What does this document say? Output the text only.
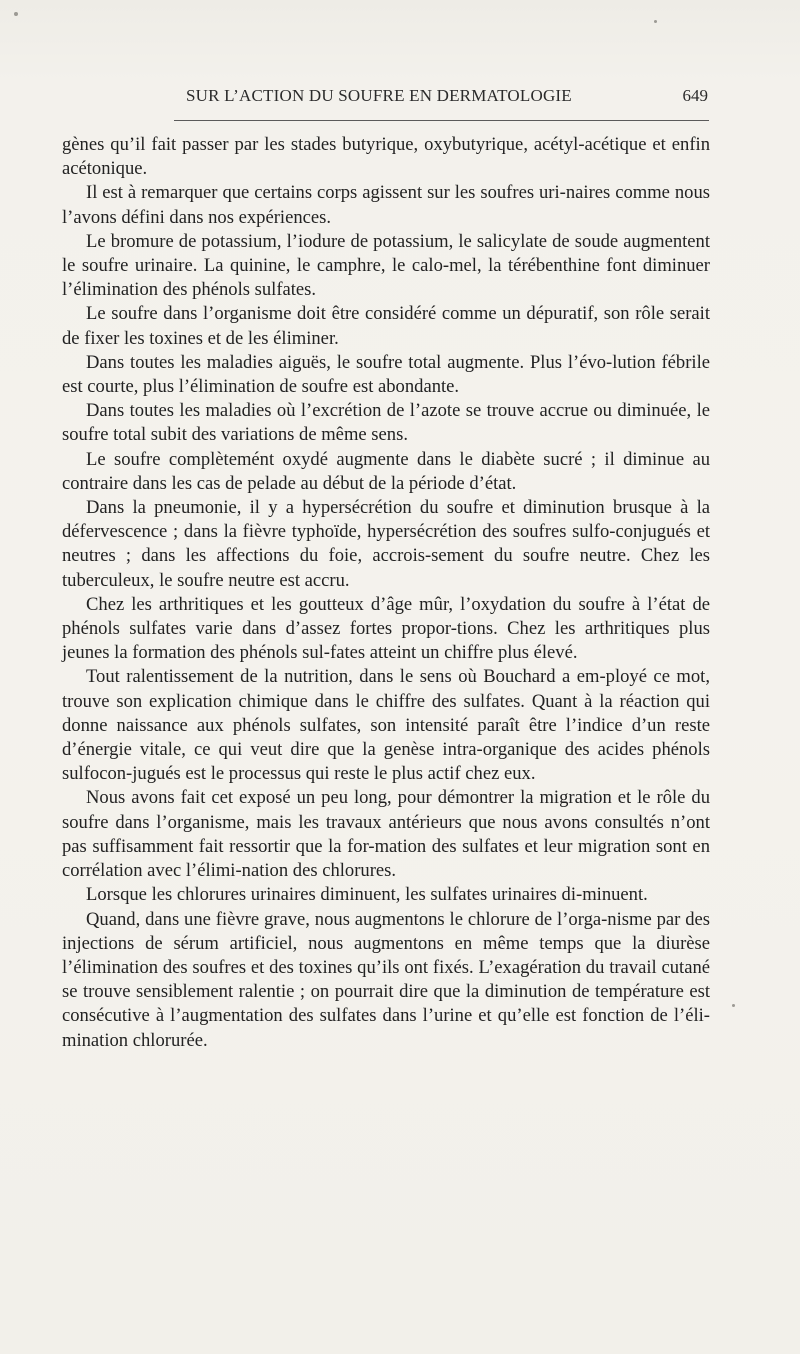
SUR L’ACTION DU SOUFRE EN DERMATOLOGIE	649

gènes qu’il fait passer par les stades butyrique, oxybutyrique, acétyl-acétique et enfin acétonique.

Il est à remarquer que certains corps agissent sur les soufres uri-naires comme nous l’avons défini dans nos expériences.

Le bromure de potassium, l’iodure de potassium, le salicylate de soude augmentent le soufre urinaire. La quinine, le camphre, le calo-mel, la térébenthine font diminuer l’élimination des phénols sulfates.

Le soufre dans l’organisme doit être considéré comme un dépuratif, son rôle serait de fixer les toxines et de les éliminer.

Dans toutes les maladies aiguës, le soufre total augmente. Plus l’évo-lution fébrile est courte, plus l’élimination de soufre est abondante.

Dans toutes les maladies où l’excrétion de l’azote se trouve accrue ou diminuée, le soufre total subit des variations de même sens.

Le soufre complètemént oxydé augmente dans le diabète sucré ; il diminue au contraire dans les cas de pelade au début de la période d’état.

Dans la pneumonie, il y a hypersécrétion du soufre et diminution brusque à la défervescence ; dans la fièvre typhoïde, hypersécrétion des soufres sulfo-conjugués et neutres ; dans les affections du foie, accrois-sement du soufre neutre. Chez les tuberculeux, le soufre neutre est accru.

Chez les arthritiques et les goutteux d’âge mûr, l’oxydation du soufre à l’état de phénols sulfates varie dans d’assez fortes propor-tions. Chez les arthritiques plus jeunes la formation des phénols sul-fates atteint un chiffre plus élevé.

Tout ralentissement de la nutrition, dans le sens où Bouchard a em-ployé ce mot, trouve son explication chimique dans le chiffre des sulfates. Quant à la réaction qui donne naissance aux phénols sulfates, son intensité paraît être l’indice d’un reste d’énergie vitale, ce qui veut dire que la genèse intra-organique des acides phénols sulfocon-jugués est le processus qui reste le plus actif chez eux.

Nous avons fait cet exposé un peu long, pour démontrer la migration et le rôle du soufre dans l’organisme, mais les travaux antérieurs que nous avons consultés n’ont pas suffisamment fait ressortir que la for-mation des sulfates et leur migration sont en corrélation avec l’élimi-nation des chlorures.

Lorsque les chlorures urinaires diminuent, les sulfates urinaires di-minuent.

Quand, dans une fièvre grave, nous augmentons le chlorure de l’orga-nisme par des injections de sérum artificiel, nous augmentons en même temps que la diurèse l’élimination des soufres et des toxines qu’ils ont fixés. L’exagération du travail cutané se trouve sensiblement ralentie ; on pourrait dire que la diminution de température est consécutive à l’augmentation des sulfates dans l’urine et qu’elle est fonction de l’éli-mination chlorurée.
